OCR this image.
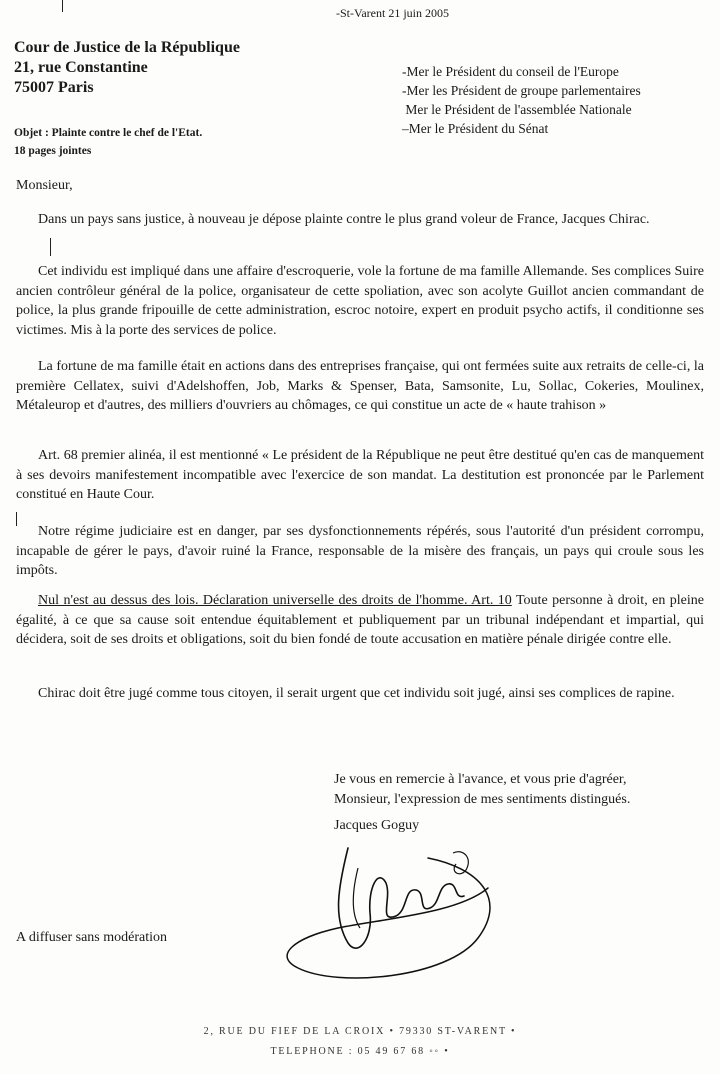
-St-Varent 21 juin 2005
Cour de Justice de la République
21, rue Constantine
75007 Paris
-Mer le Président du conseil de l'Europe
-Mer les Président de groupe parlementaires
Mer le Président de l'assemblée Nationale
–Mer le Président du Sénat
Objet : Plainte contre le chef de l'Etat.
18 pages jointes
Monsieur,

Dans un pays sans justice, à nouveau je dépose plainte contre le plus grand voleur de France, Jacques Chirac.

Cet individu est impliqué dans une affaire d'escroquerie, vole la fortune de ma famille Allemande. Ses complices Suire ancien contrôleur général de la police, organisateur de cette spoliation, avec son acolyte Guillot ancien commandant de police, la plus grande fripouille de cette administration, escroc notoire, expert en produit psycho actifs, il conditionne ses victimes. Mis à la porte des services de police.

La fortune de ma famille était en actions dans des entreprises française, qui ont fermées suite aux retraits de celle-ci, la première Cellatex, suivi d'Adelshoffen, Job, Marks & Spenser, Bata, Samsonite, Lu, Sollac, Cokeries, Moulinex, Métaleurop et d'autres, des milliers d'ouvriers au chômages, ce qui constitue un acte de « haute trahison »

Art. 68 premier alinéa, il est mentionné « Le président de la République ne peut être destitué qu'en cas de manquement à ses devoirs manifestement incompatible avec l'exercice de son mandat. La destitution est prononcée par le Parlement constitué en Haute Cour.

Notre régime judiciaire est en danger, par ses dysfonctionnements répérés, sous l'autorité d'un président corrompu, incapable de gérer le pays, d'avoir ruiné la France, responsable de la misère des français, un pays qui croule sous les impôts.

Nul n'est au dessus des lois. Déclaration universelle des droits de l'homme. Art. 10 Toute personne à droit, en pleine égalité, à ce que sa cause soit entendue équitablement et publiquement par un tribunal indépendant et impartial, qui décidera, soit de ses droits et obligations, soit du bien fondé de toute accusation en matière pénale dirigée contre elle.

Chirac doit être jugé comme tous citoyen, il serait urgent que cet individu soit jugé, ainsi ses complices de rapine.

Je vous en remercie à l'avance, et vous prie d'agréer,
Monsieur, l'expression de mes sentiments distingués.
Jacques Goguy
A diffuser sans modération
2, RUE DU FIEF DE LA CROIX • 79330 ST-VARENT •
TELEPHONE : 05 49 67 68 ◦◦ •
